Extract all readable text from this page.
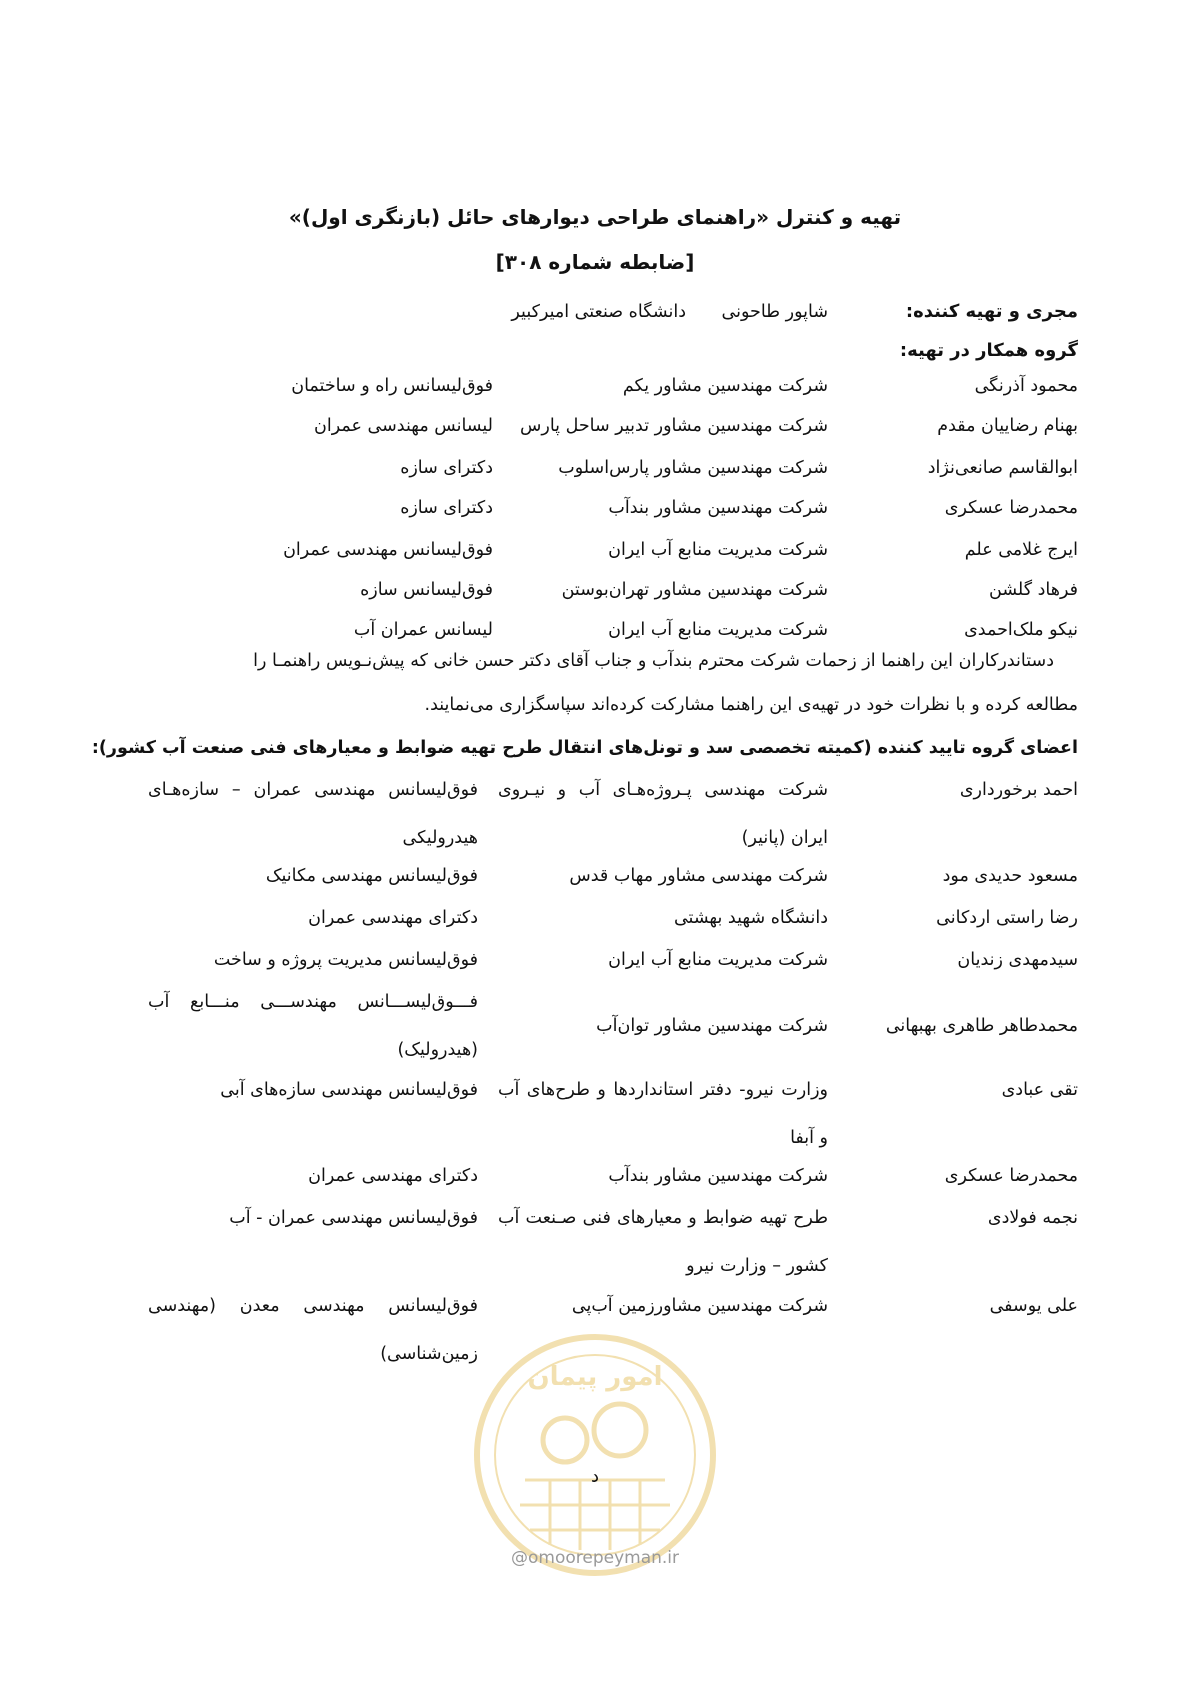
تهیه و کنترل «راهنمای طراحی دیوارهای حائل (بازنگری اول)»
[ضابطه شماره ۳۰۸]
مجری و تهیه کننده:
شاپور طاحونی
دانشگاه صنعتی امیرکبیر
گروه همکار در تهیه:
محمود آذرنگی
شرکت مهندسین مشاور یکم
فوق‌لیسانس راه و ساختمان
بهنام رضاییان مقدم
شرکت مهندسین مشاور تدبیر ساحل پارس
لیسانس مهندسی عمران
ابوالقاسم صانعی‌نژاد
شرکت مهندسین مشاور پارس‌اسلوب
دکترای سازه
محمدرضا عسکری
شرکت مهندسین مشاور بندآب
دکترای سازه
ایرج غلامی علم
شرکت مدیریت منابع آب ایران
فوق‌لیسانس مهندسی عمران
فرهاد گلشن
شرکت مهندسین مشاور تهران‌بوستن
فوق‌لیسانس سازه
نیکو ملک‌احمدی
شرکت مدیریت منابع آب ایران
لیسانس عمران آب
دستاندرکاران این راهنما از زحمات شرکت محترم بندآب و جناب آقای دکتر حسن خانی که پیش‌نـویس راهنمـا را
مطالعه کرده و با نظرات خود در تهیه‌ی این راهنما مشارکت کرده‌اند سپاسگزاری می‌نمایند.
اعضای گروه تایید کننده (کمیته تخصصی سد و تونل‌های انتقال طرح تهیه ضوابط و معیارهای فنی صنعت آب کشور):
احمد برخورداری
شرکت مهندسی پـروژه‌هـای آب و نیـروی ایران (پانیر)
فوق‌لیسانس مهندسی عمران – سازه‌هـای هیدرولیکی
مسعود حدیدی مود
شرکت مهندسی مشاور مهاب قدس
فوق‌لیسانس مهندسی مکانیک
رضا راستی اردکانی
دانشگاه شهید بهشتی
دکترای مهندسی عمران
سیدمهدی زندیان
شرکت مدیریت منابع آب ایران
فوق‌لیسانس مدیریت پروژه و ساخت
محمدطاهر طاهری بهبهانی
شرکت مهندسین مشاور توان‌آب
فـــوق‌لیســـانس مهندســـی منـــابع آب (هیدرولیک)
تقی عبادی
وزارت نیرو- دفتر استانداردها و طرح‌های آب و آبفا
فوق‌لیسانس مهندسی سازه‌های آبی
محمدرضا عسکری
شرکت مهندسین مشاور بندآب
دکترای مهندسی عمران
نجمه فولادی
طرح تهیه ضوابط و معیارهای فنی صـنعت آب کشور – وزارت نیرو
فوق‌لیسانس مهندسی عمران - آب
علی یوسفی
شرکت مهندسین مشاورزمین آب‌پی
فوق‌لیسانس مهندسی معدن (مهندسی زمین‌شناسی)
امور پیمان
د
@omoorepeyman.ir
